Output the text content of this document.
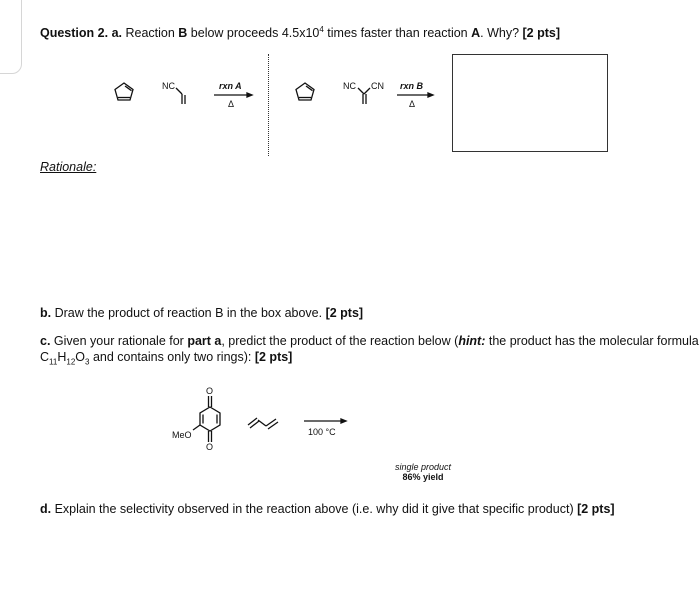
Question 2. a. Reaction B below proceeds $4.5x10^4$ times faster than reaction A. Why? [2 pts]
NC	rxn A
Δ
NC CN rxn B
Δ
Rationale:
b. Draw the product of reaction B in the box above. [2 pts]
c. Given your rationale for part a, predict the product of the reaction below (hint: the product has the molecular formula
$C_{11}H_{12}O_3$ and contains only two rings): [2 pts]
O
O
MeO	100 °C
single product
86% yield
d. Explain the selectivity observed in the reaction above (i.e. why did it give that specific product) [2 pts]
